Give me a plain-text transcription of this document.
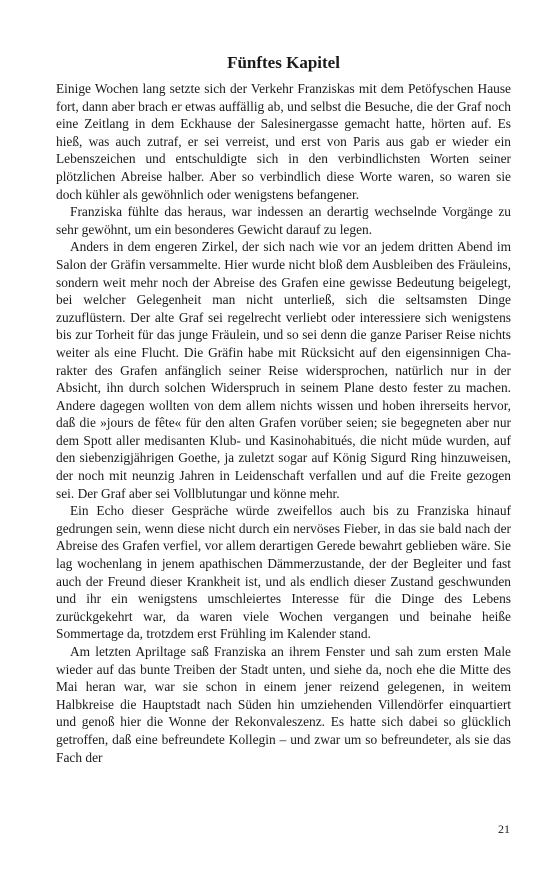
Fünftes Kapitel

Einige Wochen lang setzte sich der Verkehr Franziskas mit dem Petöfyschen Hause fort, dann aber brach er etwas auffällig ab, und selbst die Besuche, die der Graf noch eine Zeitlang in dem Eckhause der Salesinergasse gemacht hatte, hörten auf. Es hieß, was auch zutraf, er sei verreist, und erst von Paris aus gab er wieder ein Lebenszeichen und entschuldigte sich in den verbindlichsten Worten seiner plötzlichen Abreise halber. Aber so verbindlich diese Worte waren, so waren sie doch kühler als gewöhnlich oder wenigstens befangener.

Franziska fühlte das heraus, war indessen an derartig wechselnde Vorgänge zu sehr gewöhnt, um ein besonderes Gewicht darauf zu legen.

Anders in dem engeren Zirkel, der sich nach wie vor an jedem dritten Abend im Salon der Gräfin versammelte. Hier wurde nicht bloß dem Ausbleiben des Fräuleins, sondern weit mehr noch der Abreise des Grafen eine gewisse Bedeutung beigelegt, bei welcher Gelegenheit man nicht unterließ, sich die seltsamsten Dinge zuzuflüstern. Der alte Graf sei regelrecht verliebt oder interessiere sich wenigstens bis zur Torheit für das junge Fräulein, und so sei denn die ganze Pariser Reise nichts weiter als eine Flucht. Die Gräfin habe mit Rücksicht auf den eigensinnigen Charakter des Grafen anfänglich seiner Reise widersprochen, natürlich nur in der Absicht, ihn durch solchen Widerspruch in seinem Plane desto fester zu machen. Andere dagegen wollten von dem allem nichts wissen und hoben ihrerseits hervor, daß die »jours de fête« für den alten Grafen vorüber seien; sie begegneten aber nur dem Spott aller medisanten Klub- und Kasinohabitués, die nicht müde wurden, auf den siebenzigjährigen Goethe, ja zuletzt sogar auf König Sigurd Ring hinzuweisen, der noch mit neunzig Jahren in Leidenschaft verfallen und auf die Freite gezogen sei. Der Graf aber sei Vollblutungar und könne mehr.

Ein Echo dieser Gespräche würde zweifellos auch bis zu Franziska hinauf gedrungen sein, wenn diese nicht durch ein nervöses Fieber, in das sie bald nach der Abreise des Grafen verfiel, vor allem derartigen Gerede bewahrt geblieben wäre. Sie lag wochenlang in jenem apathischen Dämmerzustande, der der Begleiter und fast auch der Freund dieser Krankheit ist, und als endlich dieser Zustand geschwunden und ihr ein wenigstens umschleiertes Interesse für die Dinge des Lebens zurückgekehrt war, da waren viele Wochen vergangen und beinahe heiße Sommertage da, trotzdem erst Frühling im Kalender stand.

Am letzten Apriltage saß Franziska an ihrem Fenster und sah zum ersten Male wieder auf das bunte Treiben der Stadt unten, und siehe da, noch ehe die Mitte des Mai heran war, war sie schon in einem jener reizend gelegenen, in weitem Halbkreise die Hauptstadt nach Süden hin umziehenden Villendörfer einquartiert und genoß hier die Wonne der Rekonvaleszenz. Es hatte sich dabei so glücklich getroffen, daß eine befreundete Kollegin – und zwar um so befreundeter, als sie das Fach der

21
